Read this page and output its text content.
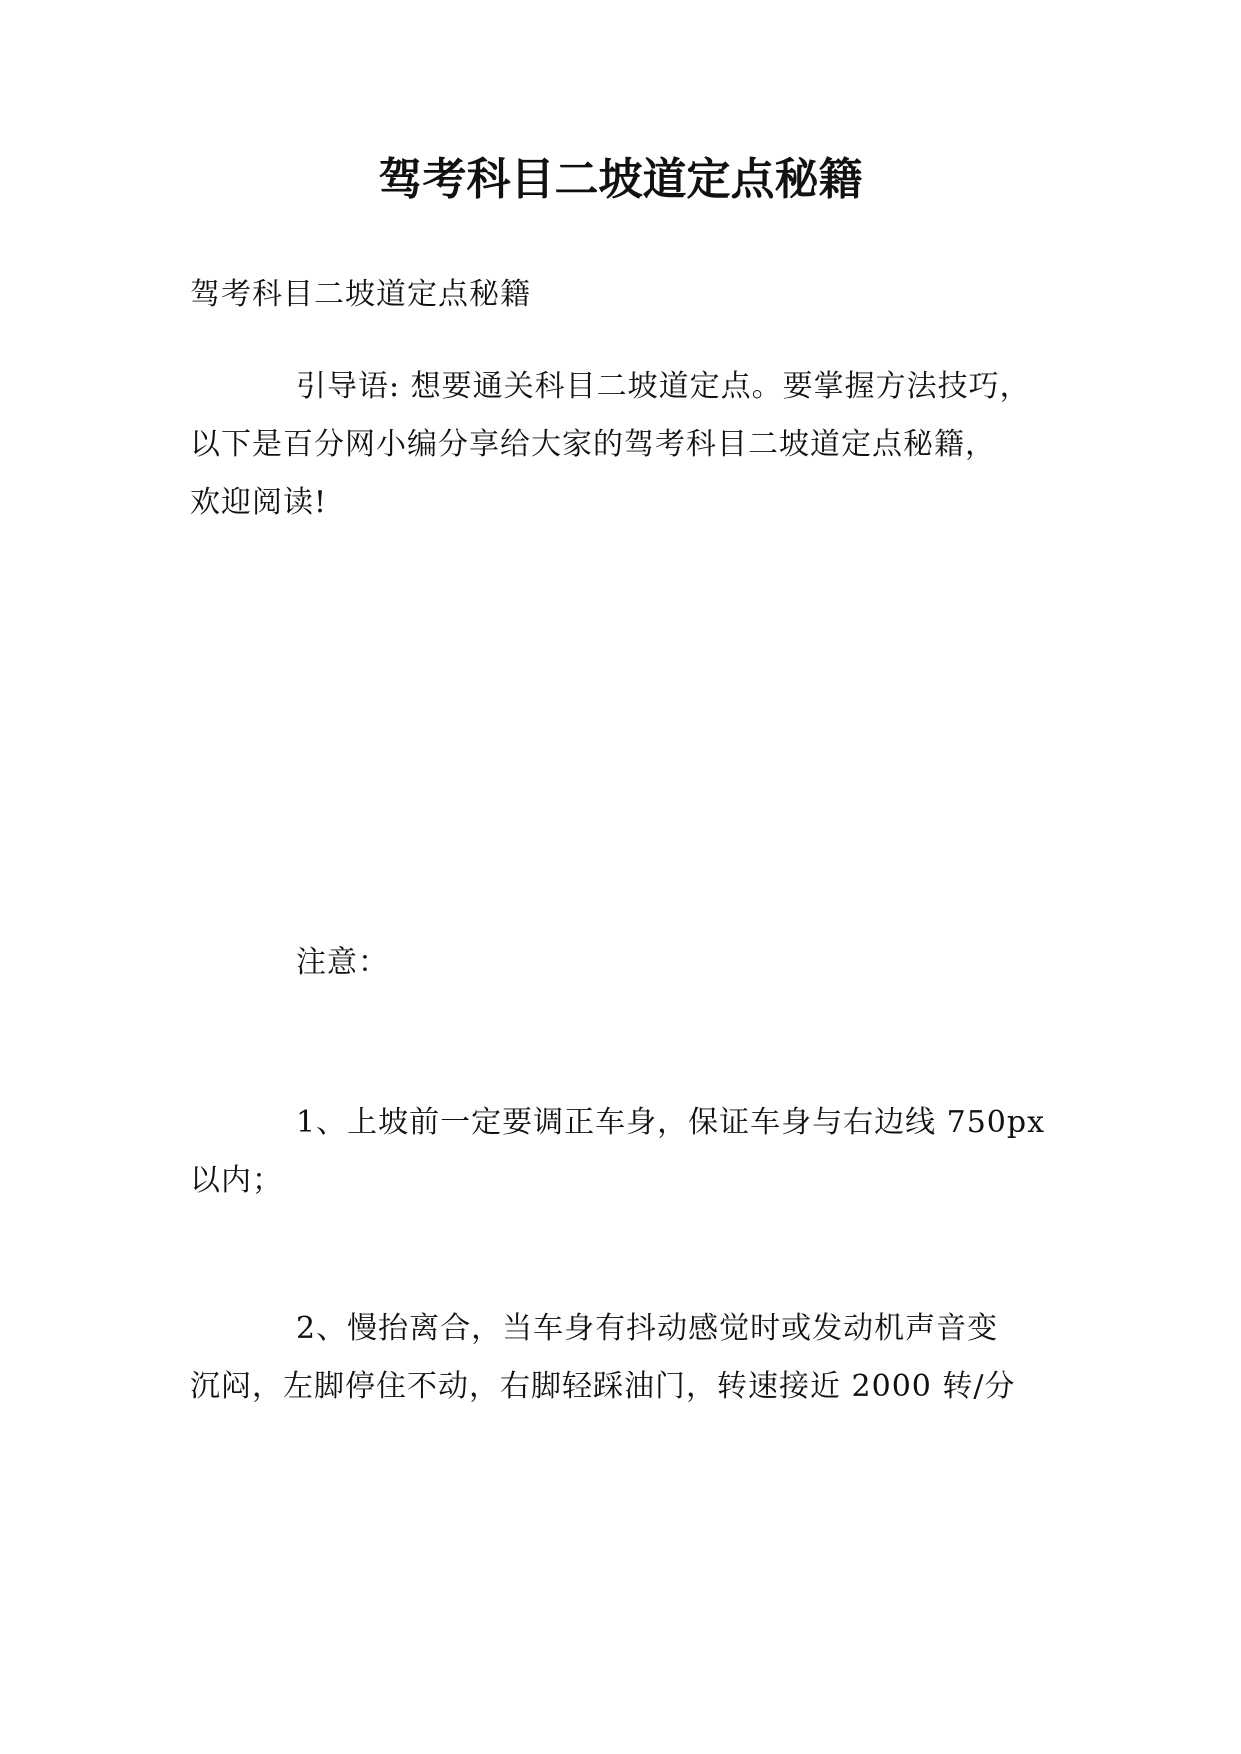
驾考科目二坡道定点秘籍

驾考科目二坡道定点秘籍

引导语: 想要通关科目二坡道定点。要掌握方法技巧，
以下是百分网小编分享给大家的驾考科目二坡道定点秘籍，
欢迎阅读!

注意：

1、上坡前一定要调正车身，保证车身与右边线 750px
以内；

2、慢抬离合，当车身有抖动感觉时或发动机声音变
沉闷，左脚停住不动，右脚轻踩油门，转速接近 2000 转/分
